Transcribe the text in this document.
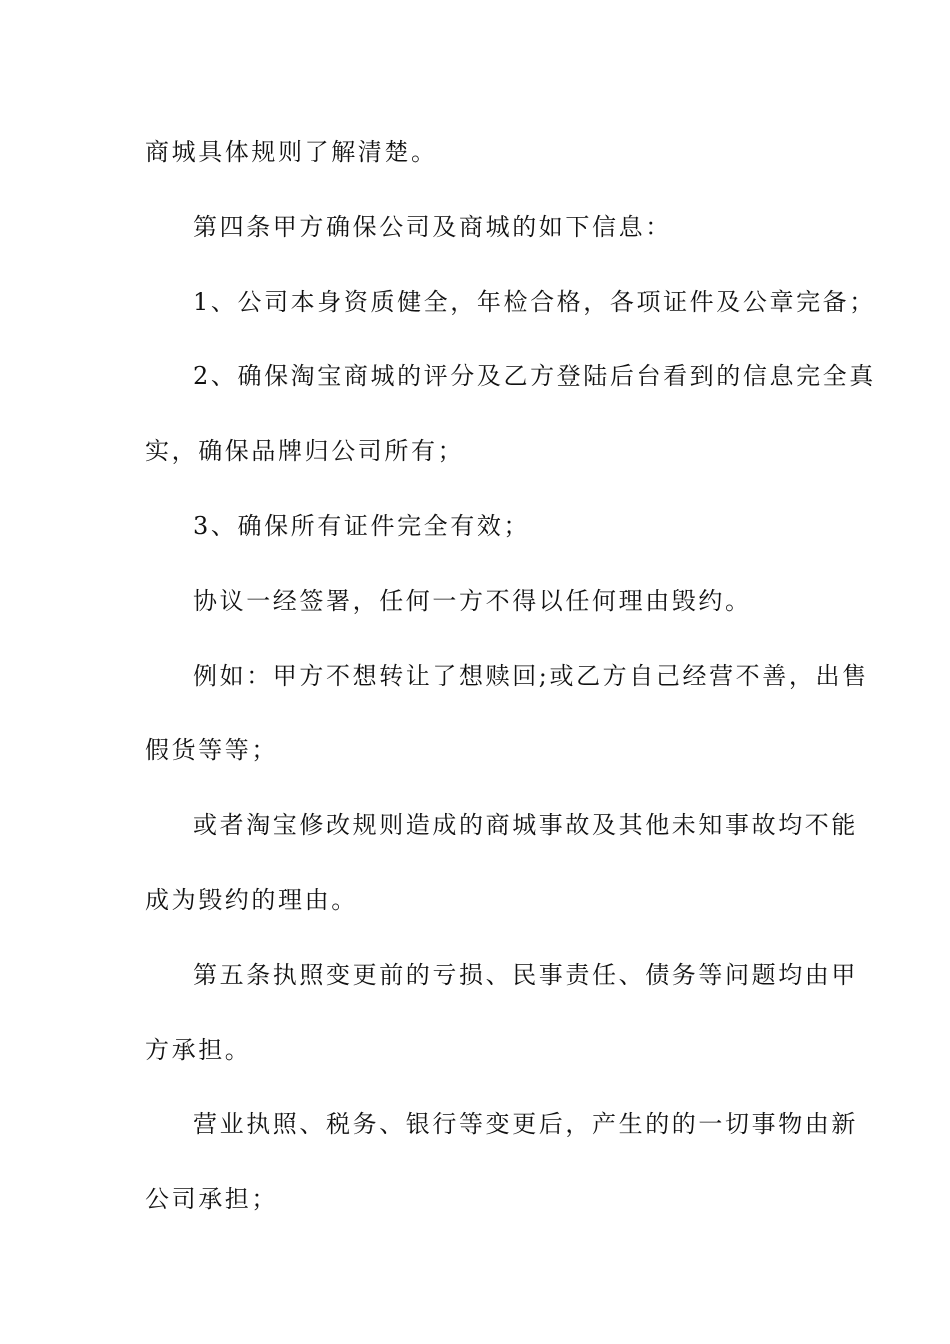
商城具体规则了解清楚。
第四条甲方确保公司及商城的如下信息：
1、公司本身资质健全，年检合格，各项证件及公章完备；
2、确保淘宝商城的评分及乙方登陆后台看到的信息完全真
实，确保品牌归公司所有；
3、确保所有证件完全有效；
协议一经签署，任何一方不得以任何理由毁约。
例如：甲方不想转让了想赎回;或乙方自己经营不善，出售
假货等等；
或者淘宝修改规则造成的商城事故及其他未知事故均不能
成为毁约的理由。
第五条执照变更前的亏损、民事责任、债务等问题均由甲
方承担。
营业执照、税务、银行等变更后，产生的的一切事物由新
公司承担；
